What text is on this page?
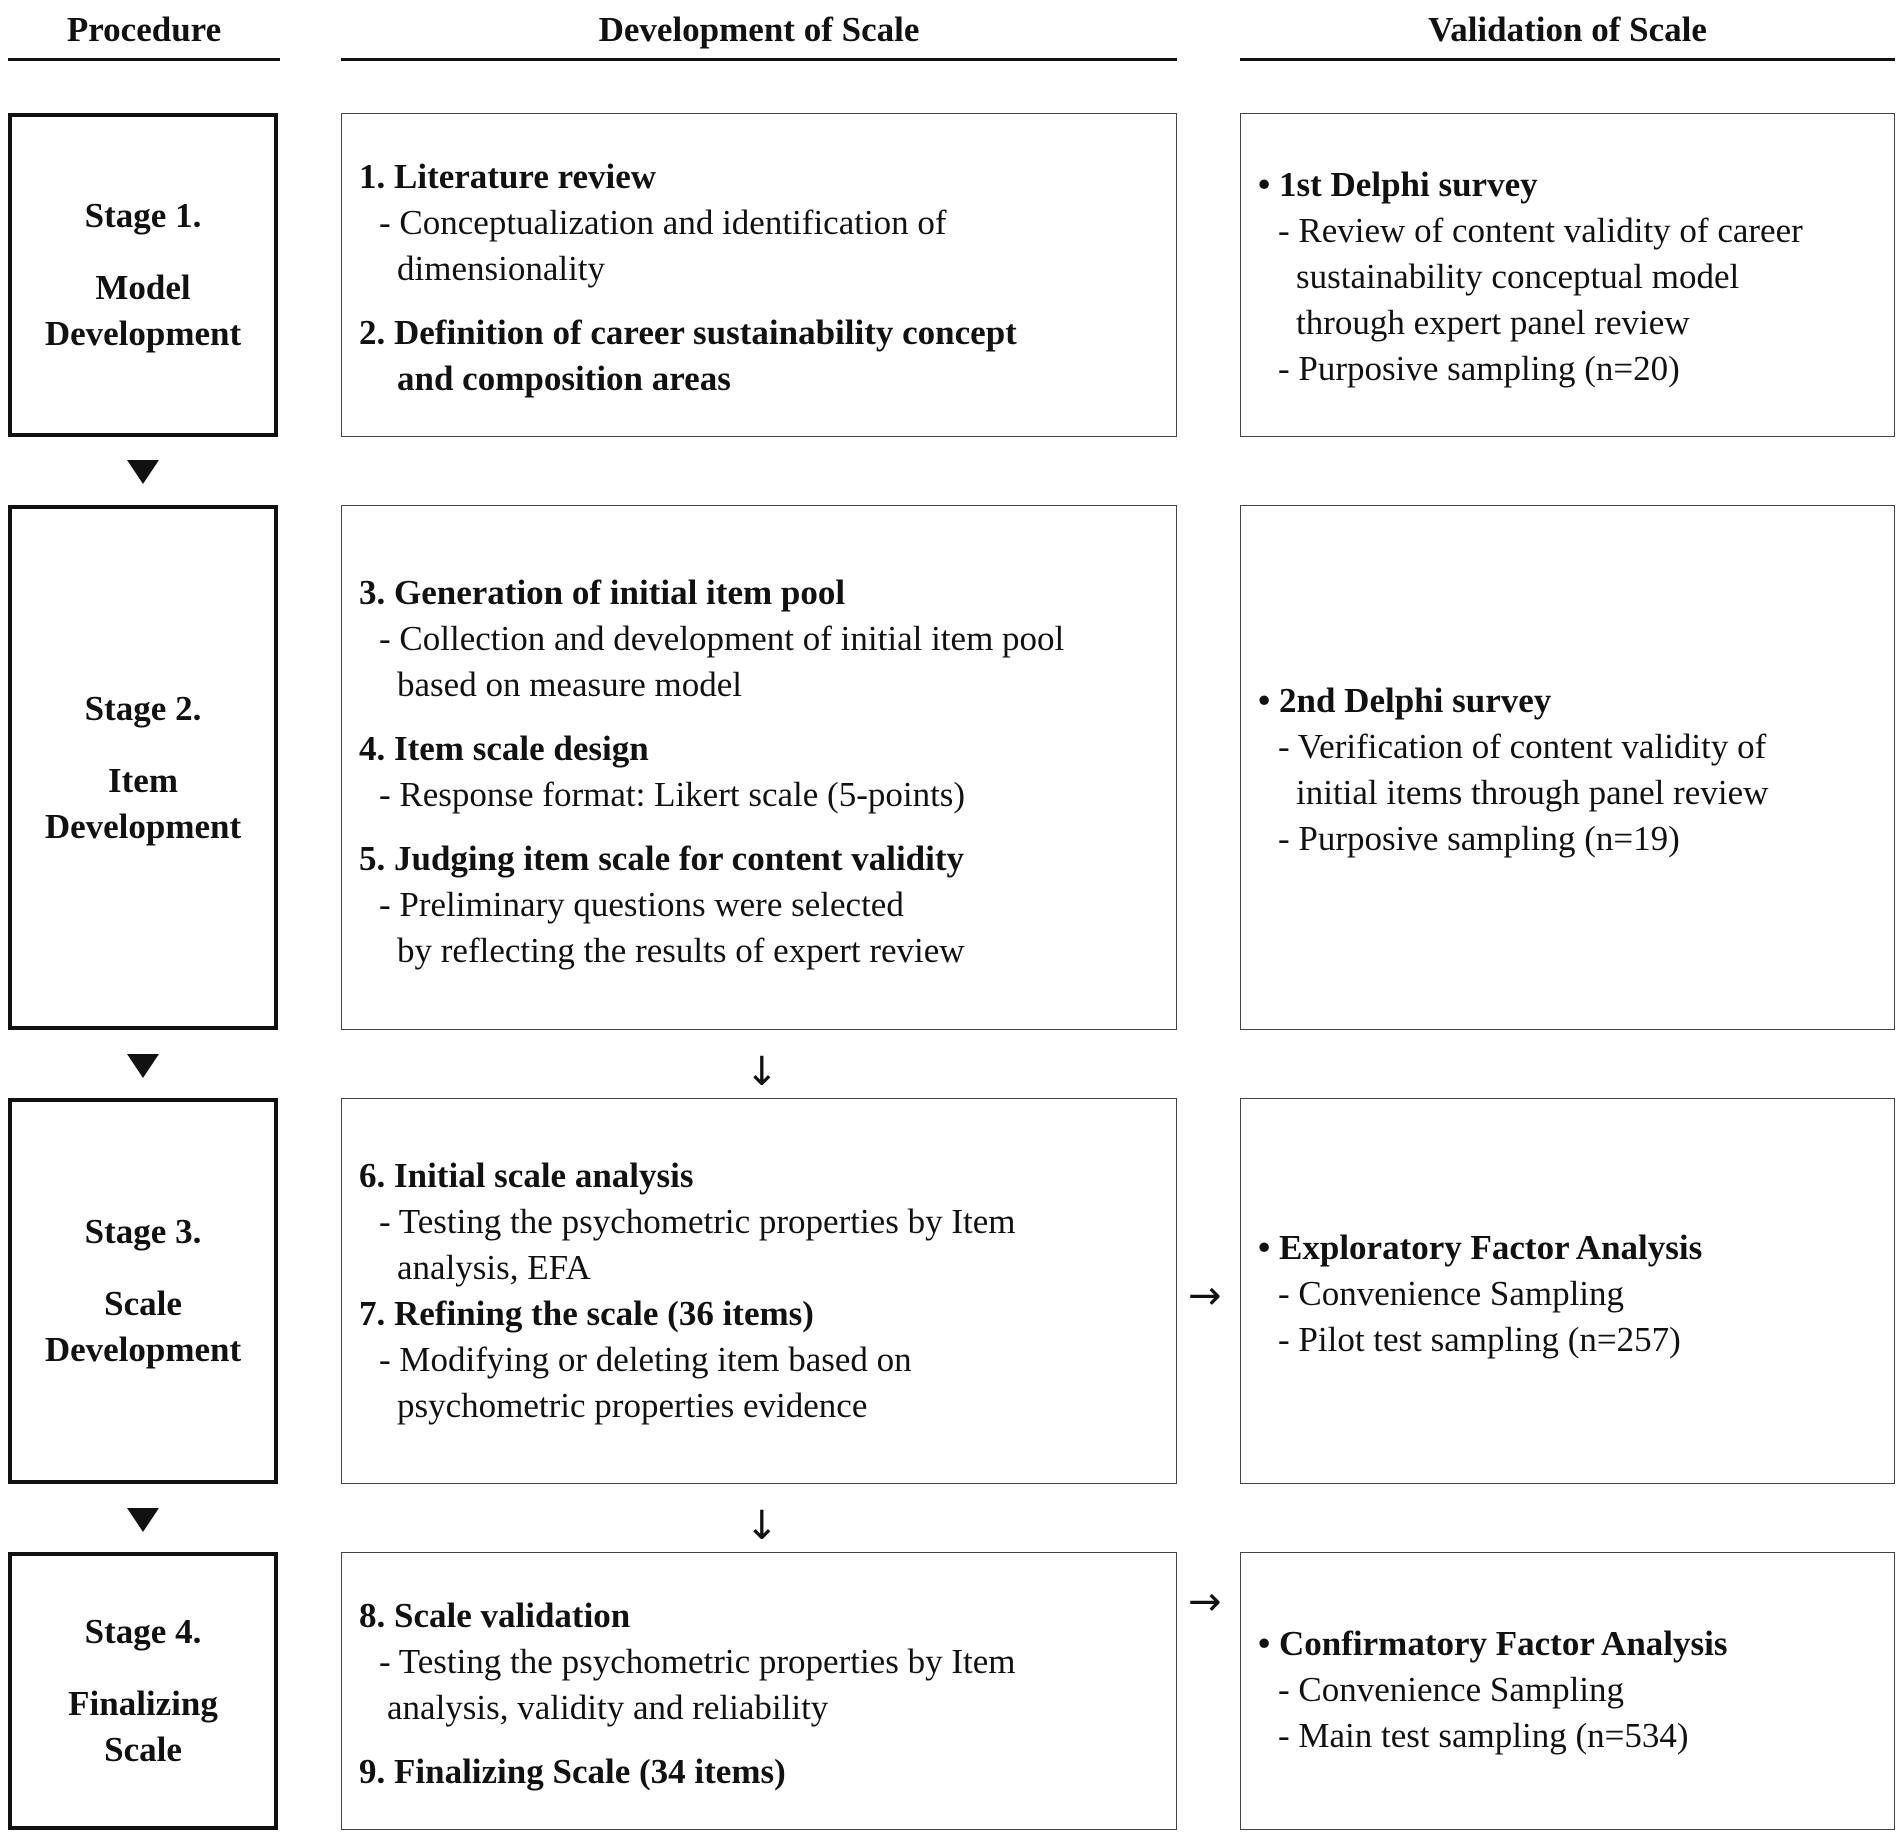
Procedure	Development of Scale	Validation of Scale
Stage 1.
Model
Development
1. Literature review
- Conceptualization and identification of
dimensionality
2. Definition of career sustainability concept
and composition areas
• 1st Delphi survey
- Review of content validity of career
sustainability conceptual model
through expert panel review
- Purposive sampling (n=20)
Stage 2.
Item
Development
3. Generation of initial item pool
- Collection and development of initial item pool
based on measure model
4. Item scale design
- Response format: Likert scale (5-points)
5. Judging item scale for content validity
- Preliminary questions were selected
by reflecting the results of expert review
• 2nd Delphi survey
- Verification of content validity of
initial items through panel review
- Purposive sampling (n=19)
↓
Stage 3.
Scale
Development
6. Initial scale analysis
- Testing the psychometric properties by Item
analysis, EFA
7. Refining the scale (36 items)
- Modifying or deleting item based on
psychometric properties evidence
→
• Exploratory Factor Analysis
- Convenience Sampling
- Pilot test sampling (n=257)
↓
Stage 4.
Finalizing
Scale
8. Scale validation
- Testing the psychometric properties by Item
analysis, validity and reliability
9. Finalizing Scale (34 items)
→
• Confirmatory Factor Analysis
- Convenience Sampling
- Main test sampling (n=534)
